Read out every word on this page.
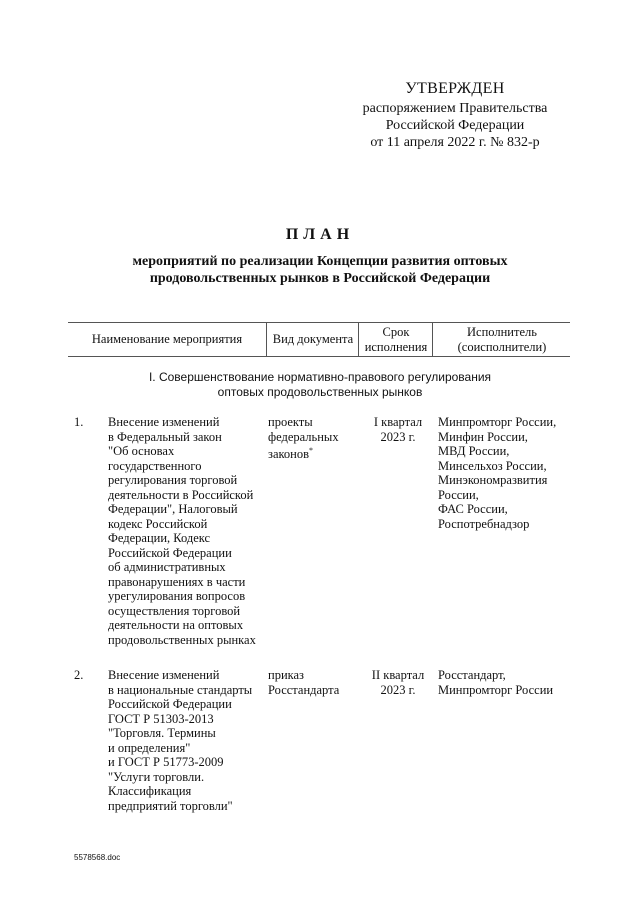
УТВЕРЖДЕН
распоряжением Правительства
Российской Федерации
от 11 апреля 2022 г. № 832-р
ПЛАН
мероприятий по реализации Концепции развития оптовых
продовольственных рынков в Российской Федерации
Наименование мероприятия	Вид документа
Срок
исполнения
Исполнитель
(соисполнители)
I. Совершенствование нормативно-правового регулирования
оптовых продовольственных рынков
1. Внесение изменений
в Федеральный закон
"Об основах
государственного
регулирования торговой
деятельности в Российской
Федерации", Налоговый
кодекс Российской
Федерации, Кодекс
Российской Федерации
об административных
правонарушениях в части
урегулирования вопросов
осуществления торговой
деятельности на оптовых
продовольственных рынках
проекты
федеральных
законов*
I квартал
2023 г.
Минпромторг России,
Минфин России,
МВД России,
Минсельхоз России,
Минэкономразвития
России,
ФАС России,
Роспотребнадзор
2. Внесение изменений
в национальные стандарты
Российской Федерации
ГОСТ Р 51303-2013
"Торговля. Термины
и определения"
и ГОСТ Р 51773-2009
"Услуги торговли.
Классификация
предприятий торговли"
приказ
Росстандарта
II квартал
2023 г.
Росстандарт,
Минпромторг России
5578568.doc
